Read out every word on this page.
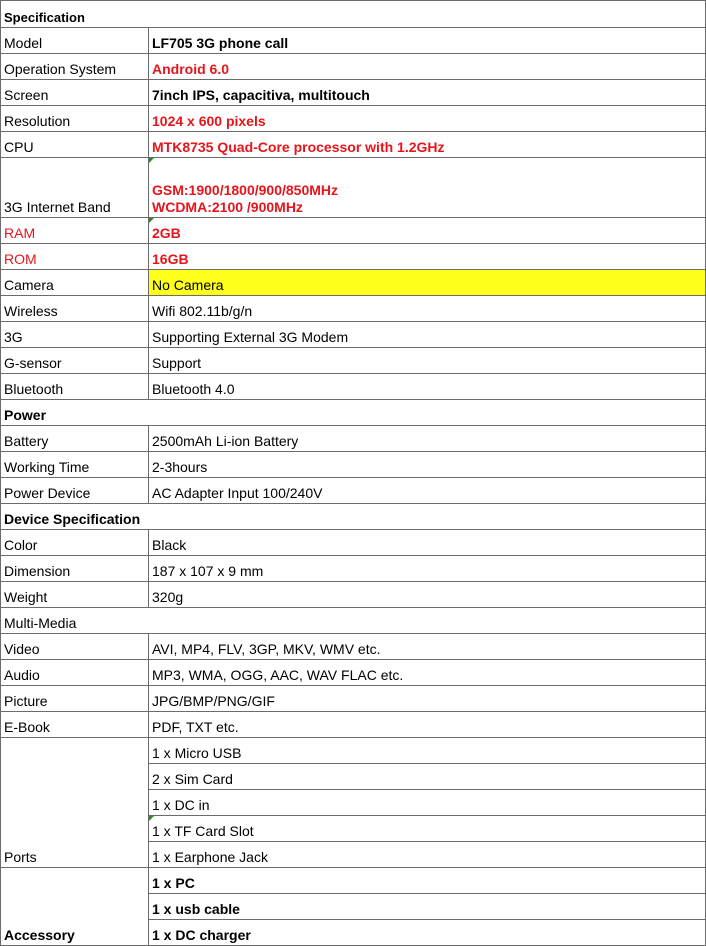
Specification	
Model	LF705 3G phone call
Operation System	Android 6.0
Screen	7inch IPS, capacitiva, multitouch
Resolution	1024 x 600 pixels
CPU	MTK8735 Quad-Core processor with 1.2GHz
3G Internet Band	GSM:1900/1800/900/850MHz
WCDMA:2100 /900MHz

RAM	2GB
ROM	16GB
Camera	No Camera
Wireless	Wifi 802.11b/g/n
3G	Supporting External 3G Modem
G-sensor	Support
Bluetooth	Bluetooth 4.0
Power	
Battery	2500mAh Li-ion Battery
Working Time	2-3hours
Power Device	AC Adapter Input 100/240V
Device Specification	
Color	Black
Dimension	187 x 107 x 9 mm
Weight	320g
Multi-Media	
Video	AVI, MP4, FLV, 3GP, MKV, WMV etc.
Audio	MP3, WMA, OGG, AAC, WAV FLAC etc.
Picture	JPG/BMP/PNG/GIF
E-Book	PDF, TXT etc.
Ports	1 x Micro USB
	2 x Sim Card
	1 x DC in
	1 x TF Card Slot
	1 x Earphone Jack
Accessory	1 x PC
	1 x usb cable
	1 x DC charger
